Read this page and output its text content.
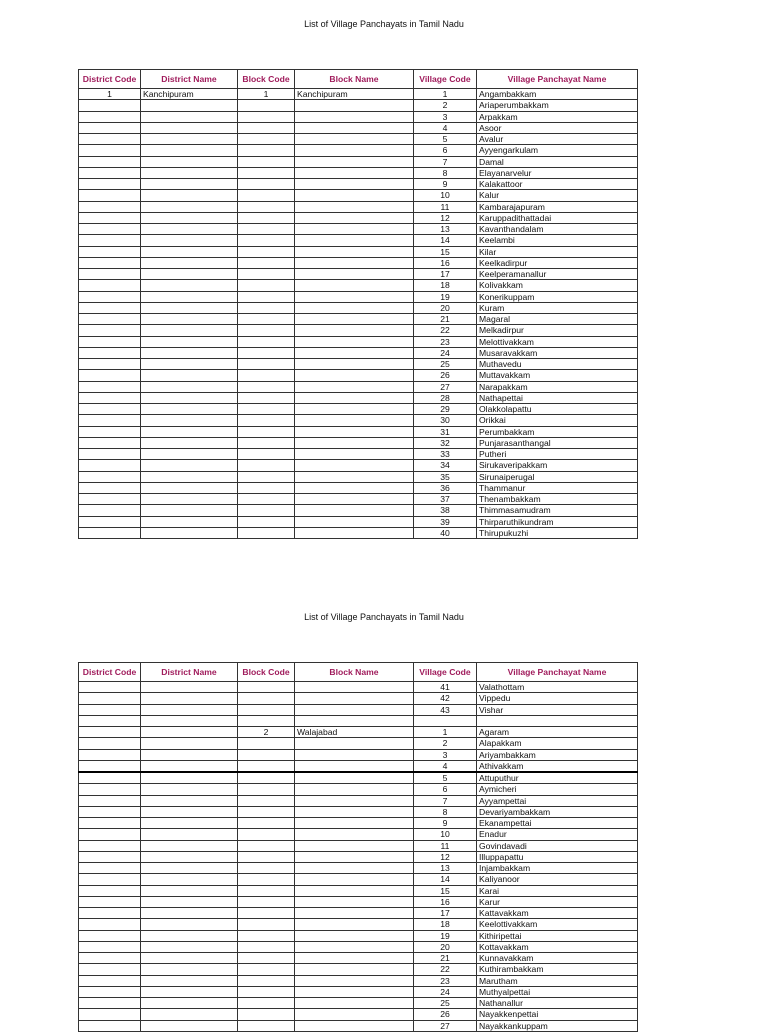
List of Village Panchayats in Tamil Nadu
District Code	District Name	Block Code	Block Name	Village Code	Village Panchayat Name
1	Kanchipuram	1	Kanchipuram	1	Angambakkam
				2	Ariaperumbakkam
				3	Arpakkam
				4	Asoor
				5	Avalur
				6	Ayyengarkulam
				7	Damal
				8	Elayanarvelur
				9	Kalakattoor
				10	Kalur
				11	Kambarajapuram
				12	Karuppadithattadai
				13	Kavanthandalam
				14	Keelambi
				15	Kilar
				16	Keelkadirpur
				17	Keelperamanallur
				18	Kolivakkam
				19	Konerikuppam
				20	Kuram
				21	Magaral
				22	Melkadirpur
				23	Melottivakkam
				24	Musaravakkam
				25	Muthavedu
				26	Muttavakkam
				27	Narapakkam
				28	Nathapettai
				29	Olakkolapattu
				30	Orikkai
				31	Perumbakkam
				32	Punjarasanthangal
				33	Putheri
				34	Sirukaveripakkam
				35	Sirunaiperugal
				36	Thammanur
				37	Thenambakkam
				38	Thimmasamudram
				39	Thirparuthikundram
				40	Thirupukuzhi
List of Village Panchayats in Tamil Nadu
District Code	District Name	Block Code	Block Name	Village Code	Village Panchayat Name
				41	Valathottam
				42	Vippedu
				43	Vishar

		2	Walajabad	1	Agaram
				2	Alapakkam
				3	Ariyambakkam
				4	Athivakkam
				5	Attuputhur
				6	Aymicheri
				7	Ayyampettai
				8	Devariyambakkam
				9	Ekanampettai
				10	Enadur
				11	Govindavadi
				12	Illuppapattu
				13	Injambakkam
				14	Kaliyanoor
				15	Karai
				16	Karur
				17	Kattavakkam
				18	Keelottivakkam
				19	Kithiripettai
				20	Kottavakkam
				21	Kunnavakkam
				22	Kuthirambakkam
				23	Marutham
				24	Muthyalpettai
				25	Nathanallur
				26	Nayakkenpettai
				27	Nayakkankuppam
